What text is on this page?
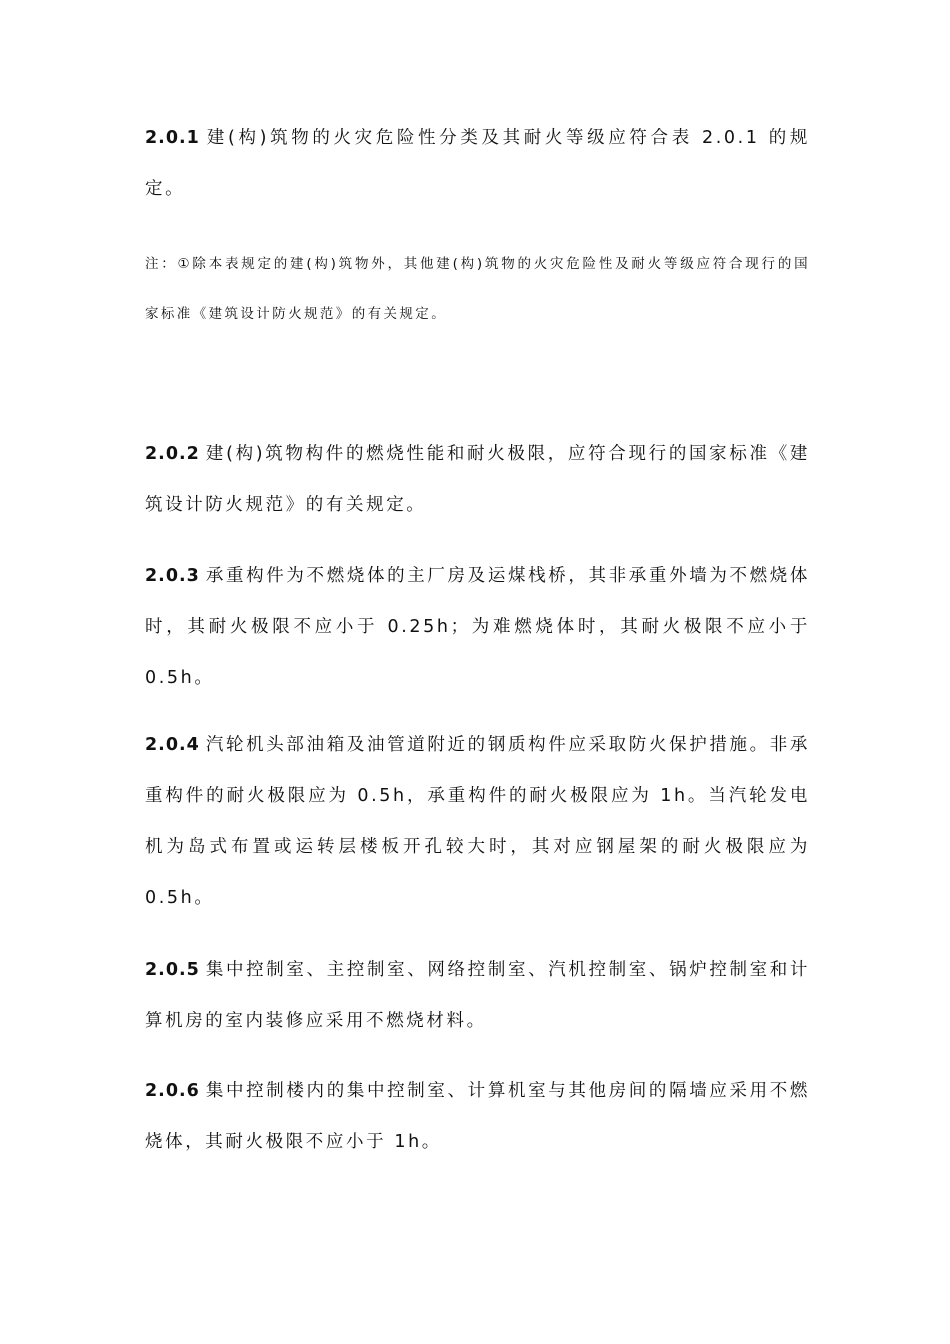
2.0.1 建(构)筑物的火灾危险性分类及其耐火等级应符合表 2.0.1 的规定。

注：①除本表规定的建(构)筑物外，其他建(构)筑物的火灾危险性及耐火等级应符合现行的国家标准《建筑设计防火规范》的有关规定。

2.0.2 建(构)筑物构件的燃烧性能和耐火极限，应符合现行的国家标准《建筑设计防火规范》的有关规定。

2.0.3 承重构件为不燃烧体的主厂房及运煤栈桥，其非承重外墙为不燃烧体时，其耐火极限不应小于 0.25h；为难燃烧体时，其耐火极限不应小于 0.5h。

2.0.4 汽轮机头部油箱及油管道附近的钢质构件应采取防火保护措施。非承重构件的耐火极限应为 0.5h，承重构件的耐火极限应为 1h。当汽轮发电机为岛式布置或运转层楼板开孔较大时，其对应钢屋架的耐火极限应为 0.5h。

2.0.5 集中控制室、主控制室、网络控制室、汽机控制室、锅炉控制室和计算机房的室内装修应采用不燃烧材料。

2.0.6 集中控制楼内的集中控制室、计算机室与其他房间的隔墙应采用不燃烧体，其耐火极限不应小于 1h。
